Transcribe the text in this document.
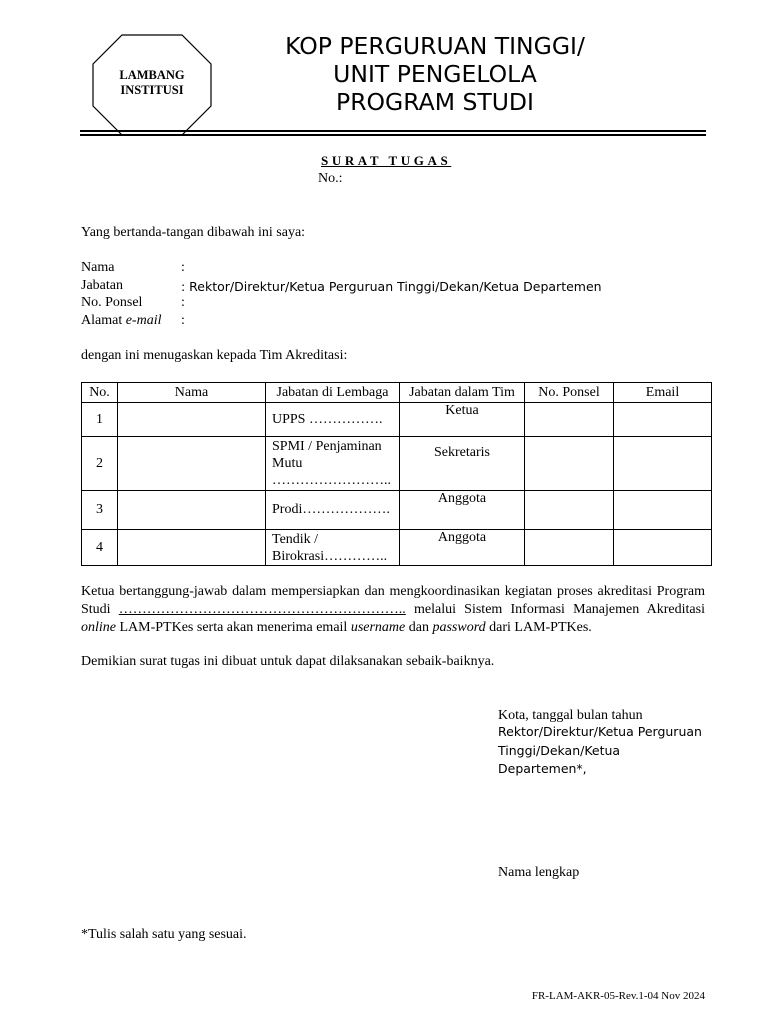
LAMBANG INSTITUSI
KOP PERGURUAN TINGGI/
UNIT PENGELOLA
PROGRAM STUDI
SURAT TUGAS
No.:
Yang bertanda-tangan dibawah ini saya:
Nama	:
Jabatan	: Rektor/Direktur/Ketua Perguruan Tinggi/Dekan/Ketua Departemen
No. Ponsel	:
Alamat e-mail :
dengan ini menugaskan kepada Tim Akreditasi:
No.	Nama	Jabatan di Lembaga	Jabatan dalam Tim	No. Ponsel	Email
1		UPPS …………….	Ketua		
2		SPMI / Penjaminan Mutu ……………………..	Sekretaris		
3		Prodi……………….	Anggota		
4		Tendik / Birokrasi…………..	Anggota		
Ketua bertanggung-jawab dalam mempersiapkan dan mengkoordinasikan kegiatan proses akreditasi Program Studi …………………………………………………….. melalui Sistem Informasi Manajemen Akreditasi online LAM-PTKes serta akan menerima email username dan password dari LAM-PTKes.
Demikian surat tugas ini dibuat untuk dapat dilaksanakan sebaik-baiknya.
Kota, tanggal bulan tahun
Rektor/Direktur/Ketua Perguruan Tinggi/Dekan/Ketua Departemen*,
Nama lengkap
*Tulis salah satu yang sesuai.
FR-LAM-AKR-05-Rev.1-04 Nov 2024
